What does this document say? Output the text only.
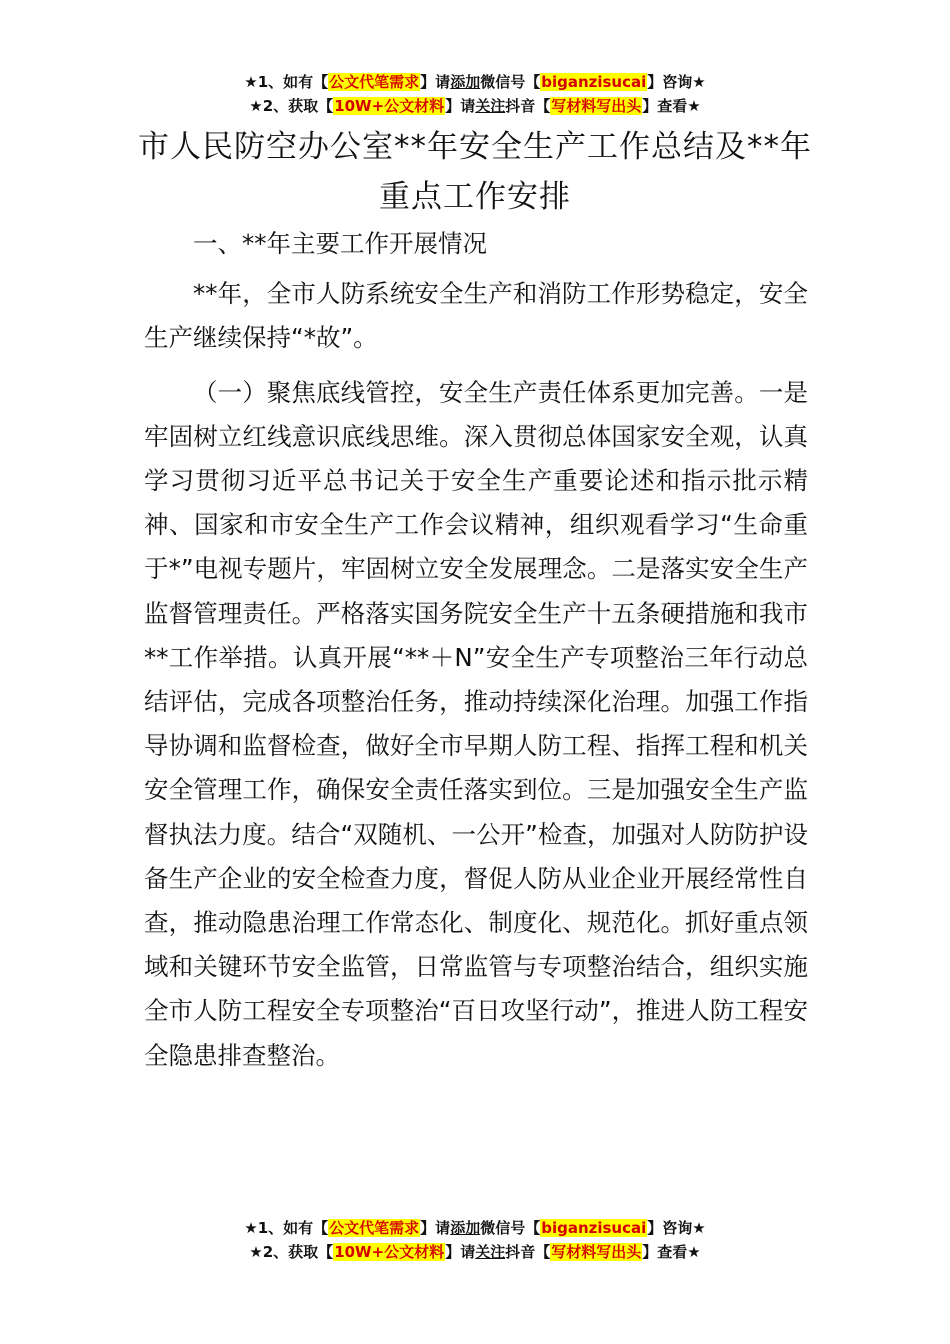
★1、如有【公文代笔需求】请添加微信号【biganzisucai】咨询★
★2、获取【10W+公文材料】请关注抖音【写材料写出头】查看★
市人民防空办公室**年安全生产工作总结及**年重点工作安排

一、**年主要工作开展情况

**年，全市人防系统安全生产和消防工作形势稳定，安全生产继续保持“*故”。

（一）聚焦底线管控，安全生产责任体系更加完善。一是牢固树立红线意识底线思维。深入贯彻总体国家安全观，认真学习贯彻习近平总书记关于安全生产重要论述和指示批示精神、国家和市安全生产工作会议精神，组织观看学习“生命重于*”电视专题片，牢固树立安全发展理念。二是落实安全生产监督管理责任。严格落实国务院安全生产十五条硬措施和我市**工作举措。认真开展“**＋N”安全生产专项整治三年行动总结评估，完成各项整治任务，推动持续深化治理。加强工作指导协调和监督检查，做好全市早期人防工程、指挥工程和机关安全管理工作，确保安全责任落实到位。三是加强安全生产监督执法力度。结合“双随机、一公开”检查，加强对人防防护设备生产企业的安全检查力度，督促人防从业企业开展经常性自查，推动隐患治理工作常态化、制度化、规范化。抓好重点领域和关键环节安全监管，日常监管与专项整治结合，组织实施全市人防工程安全专项整治“百日攻坚行动”，推进人防工程安全隐患排查整治。

★1、如有【公文代笔需求】请添加微信号【biganzisucai】咨询★
★2、获取【10W+公文材料】请关注抖音【写材料写出头】查看★
